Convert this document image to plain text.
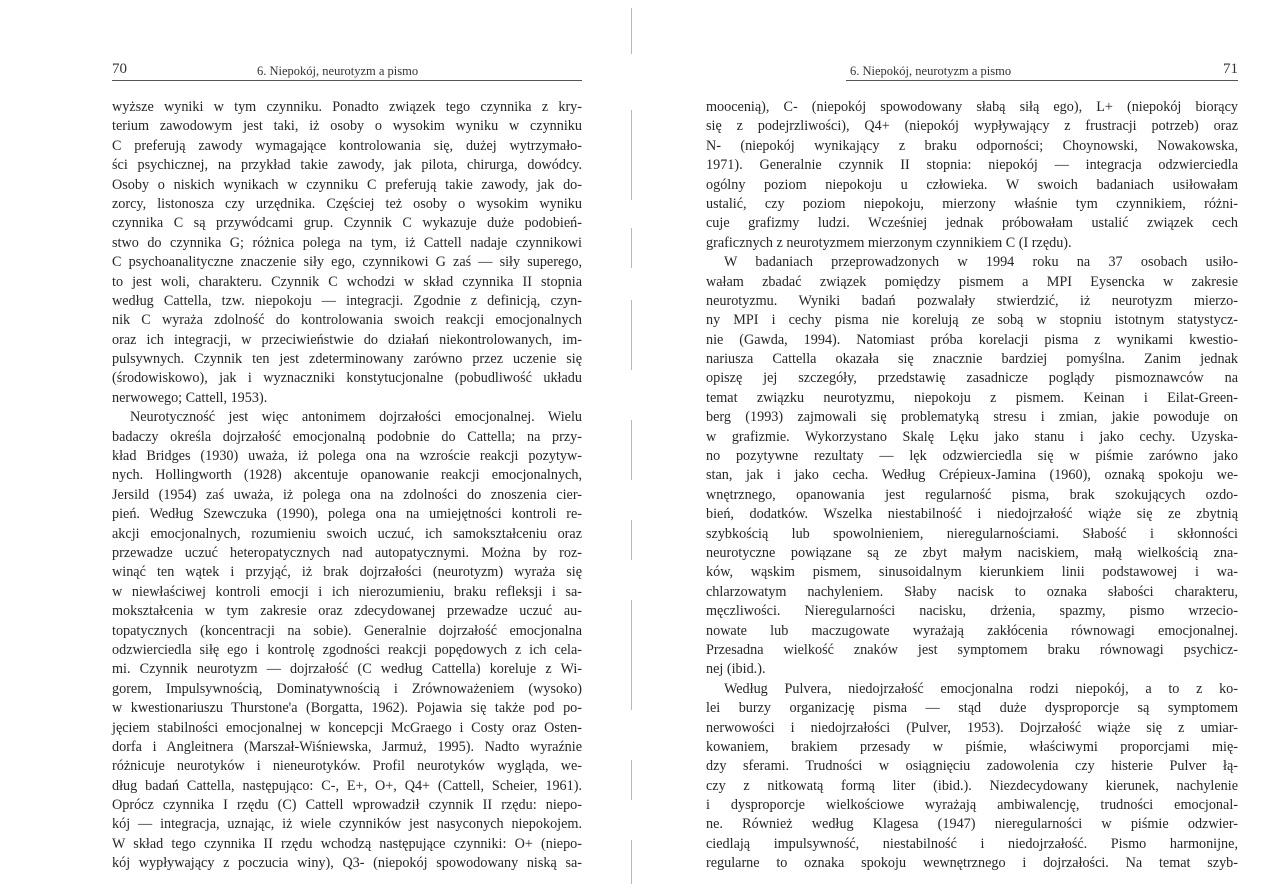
70	6. Niepokój, neurotyzm a pismo
wyższe wyniki w tym czynniku. Ponadto związek tego czynnika z kry-
terium zawodowym jest taki, iż osoby o wysokim wyniku w czynniku
C preferują zawody wymagające kontrolowania się, dużej wytrzymało-
ści psychicznej, na przykład takie zawody, jak pilota, chirurga, dowódcy.
Osoby o niskich wynikach w czynniku C preferują takie zawody, jak do-
zorcy, listonosza czy urzędnika. Częściej też osoby o wysokim wyniku
czynnika C są przywódcami grup. Czynnik C wykazuje duże podobień-
stwo do czynnika G; różnica polega na tym, iż Cattell nadaje czynnikowi
C psychoanalityczne znaczenie siły ego, czynnikowi G zaś — siły superego,
to jest woli, charakteru. Czynnik C wchodzi w skład czynnika II stopnia
według Cattella, tzw. niepokoju — integracji. Zgodnie z definicją, czyn-
nik C wyraża zdolność do kontrolowania swoich reakcji emocjonalnych
oraz ich integracji, w przeciwieństwie do działań niekontrolowanych, im-
pulsywnych. Czynnik ten jest zdeterminowany zarówno przez uczenie się
(środowiskowo), jak i wyznaczniki konstytucjonalne (pobudliwość układu
nerwowego; Cattell, 1953).
Neurotyczność jest więc antonimem dojrzałości emocjonalnej. Wielu
badaczy określa dojrzałość emocjonalną podobnie do Cattella; na przy-
kład Bridges (1930) uważa, iż polega ona na wzroście reakcji pozytyw-
nych. Hollingworth (1928) akcentuje opanowanie reakcji emocjonalnych,
Jersild (1954) zaś uważa, iż polega ona na zdolności do znoszenia cier-
pień. Według Szewczuka (1990), polega ona na umiejętności kontroli re-
akcji emocjonalnych, rozumieniu swoich uczuć, ich samokształceniu oraz
przewadze uczuć heteropatycznych nad autopatycznymi. Można by roz-
winąć ten wątek i przyjąć, iż brak dojrzałości (neurotyzm) wyraża się
w niewłaściwej kontroli emocji i ich nierozumieniu, braku refleksji i sa-
mokształcenia w tym zakresie oraz zdecydowanej przewadze uczuć au-
topatycznych (koncentracji na sobie). Generalnie dojrzałość emocjonalna
odzwierciedla siłę ego i kontrolę zgodności reakcji popędowych z ich cela-
mi. Czynnik neurotyzm — dojrzałość (C według Cattella) koreluje z Wi-
gorem, Impulsywnością, Dominatywnością i Zrównoważeniem (wysoko)
w kwestionariuszu Thurstone'a (Borgatta, 1962). Pojawia się także pod po-
jęciem stabilności emocjonalnej w koncepcji McGraego i Costy oraz Osten-
dorfa i Angleitnera (Marszał-Wiśniewska, Jarmuż, 1995). Nadto wyraźnie
różnicuje neurotyków i nieneurotyków. Profil neurotyków wygląda, we-
dług badań Cattella, następująco: C-, E+, O+, Q4+ (Cattell, Scheier, 1961).
Oprócz czynnika I rzędu (C) Cattell wprowadził czynnik II rzędu: niepo-
kój — integracja, uznając, iż wiele czynników jest nasyconych niepokojem.
W skład tego czynnika II rzędu wchodzą następujące czynniki: O+ (niepo-
kój wypływający z poczucia winy), Q3- (niepokój spowodowany niską sa-
6. Niepokój, neurotyzm a pismo	71
moocenią), C- (niepokój spowodowany słabą siłą ego), L+ (niepokój biorący
się z podejrzliwości), Q4+ (niepokój wypływający z frustracji potrzeb) oraz
N- (niepokój wynikający z braku odporności; Choynowski, Nowakowska,
1971). Generalnie czynnik II stopnia: niepokój — integracja odzwierciedla
ogólny poziom niepokoju u człowieka. W swoich badaniach usiłowałam
ustalić, czy poziom niepokoju, mierzony właśnie tym czynnikiem, różni-
cuje grafizmy ludzi. Wcześniej jednak próbowałam ustalić związek cech
graficznych z neurotyzmem mierzonym czynnikiem C (I rzędu).
W badaniach przeprowadzonych w 1994 roku na 37 osobach usiło-
wałam zbadać związek pomiędzy pismem a MPI Eysencka w zakresie
neurotyzmu. Wyniki badań pozwalały stwierdzić, iż neurotyzm mierzo-
ny MPI i cechy pisma nie korelują ze sobą w stopniu istotnym statystycz-
nie (Gawda, 1994). Natomiast próba korelacji pisma z wynikami kwestio-
nariusza Cattella okazała się znacznie bardziej pomyślna. Zanim jednak
opiszę jej szczegóły, przedstawię zasadnicze poglądy pismoznawców na
temat związku neurotyzmu, niepokoju z pismem. Keinan i Eilat-Green-
berg (1993) zajmowali się problematyką stresu i zmian, jakie powoduje on
w grafizmie. Wykorzystano Skalę Lęku jako stanu i jako cechy. Uzyska-
no pozytywne rezultaty — lęk odzwierciedla się w piśmie zarówno jako
stan, jak i jako cecha. Według Crépieux-Jamina (1960), oznaką spokoju we-
wnętrznego, opanowania jest regularność pisma, brak szokujących ozdo-
bień, dodatków. Wszelka niestabilność i niedojrzałość wiąże się ze zbytnią
szybkością lub spowolnieniem, nieregularnościami. Słabość i skłonności
neurotyczne powiązane są ze zbyt małym naciskiem, małą wielkością zna-
ków, wąskim pismem, sinusoidalnym kierunkiem linii podstawowej i wa-
chlarzowatym nachyleniem. Słaby nacisk to oznaka słabości charakteru,
męczliwości. Nieregularności nacisku, drżenia, spazmy, pismo wrzecio-
nowate lub maczugowate wyrażają zakłócenia równowagi emocjonalnej.
Przesadna wielkość znaków jest symptomem braku równowagi psychicz-
nej (ibid.).
Według Pulvera, niedojrzałość emocjonalna rodzi niepokój, a to z ko-
lei burzy organizację pisma — stąd duże dysproporcje są symptomem
nerwowości i niedojrzałości (Pulver, 1953). Dojrzałość wiąże się z umiar-
kowaniem, brakiem przesady w piśmie, właściwymi proporcjami mię-
dzy sferami. Trudności w osiągnięciu zadowolenia czy histerie Pulver łą-
czy z nitkowatą formą liter (ibid.). Niezdecydowany kierunek, nachylenie
i dysproporcje wielkościowe wyrażają ambiwalencję, trudności emocjonal-
ne. Również według Klagesa (1947) nieregularności w piśmie odzwier-
ciedlają impulsywność, niestabilność i niedojrzałość. Pismo harmonijne,
regularne to oznaka spokoju wewnętrznego i dojrzałości. Na temat szyb-
